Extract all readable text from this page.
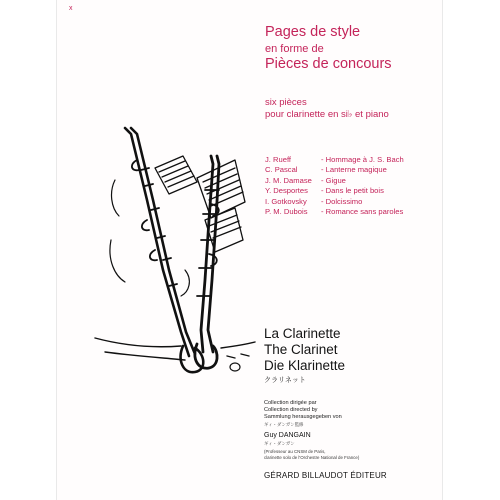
x
Pages de style
en forme de
Pièces de concours
six pièces
pour clarinette en si♭ et piano
J. Rueff	- Hommage à J. S. Bach
C. Pascal	- Lanterne magique
J. M. Damase	- Gigue
Y. Desportes	- Dans le petit bois
I. Gotkovsky	- Dolcissimo
P. M. Dubois	- Romance sans paroles
La Clarinette
The Clarinet
Die Klarinette
クラリネット
Collection dirigée par
Collection directed by
Sammlung herausgegeben von
ギィ・ダンガン監修
Guy DANGAIN
ギィ・ダンガン
(Professeur au CNSM de Paris,
clarinette solo de l'Orchestre National de France)
GÉRARD BILLAUDOT ÉDITEUR
